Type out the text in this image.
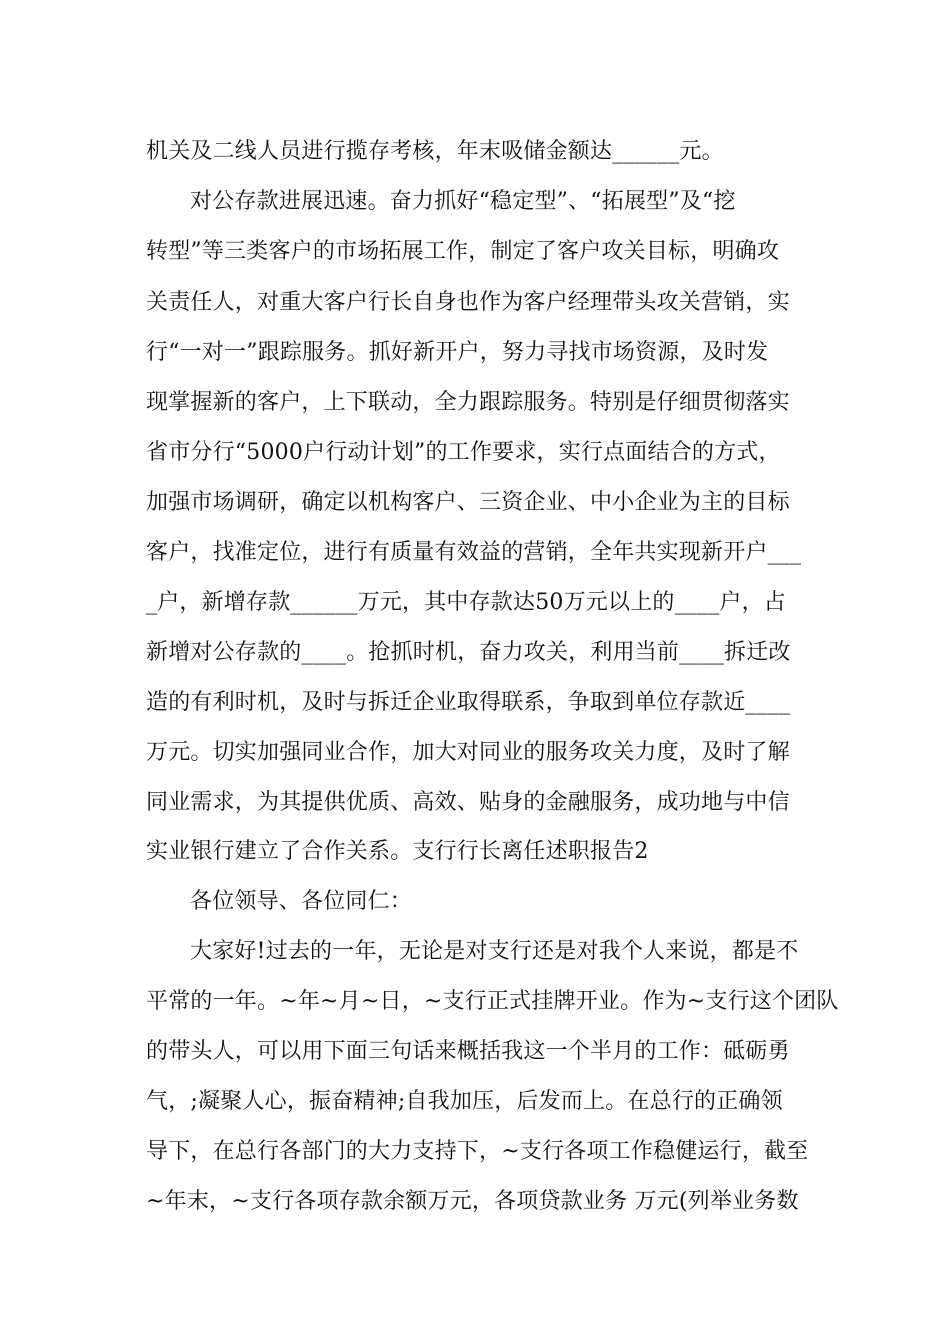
机关及二线人员进行揽存考核，年末吸储金额达______元。
对公存款进展迅速。奋力抓好“稳定型”、“拓展型”及“挖
转型”等三类客户的市场拓展工作，制定了客户攻关目标，明确攻
关责任人，对重大客户行长自身也作为客户经理带头攻关营销，实
行“一对一”跟踪服务。抓好新开户，努力寻找市场资源，及时发
现掌握新的客户，上下联动，全力跟踪服务。特别是仔细贯彻落实
省市分行“5000户行动计划”的工作要求，实行点面结合的方式，
加强市场调研，确定以机构客户、三资企业、中小企业为主的目标
客户，找准定位，进行有质量有效益的营销，全年共实现新开户___
_户，新增存款______万元，其中存款达50万元以上的____户，占
新增对公存款的____。抢抓时机，奋力攻关，利用当前____拆迁改
造的有利时机，及时与拆迁企业取得联系，争取到单位存款近____
万元。切实加强同业合作，加大对同业的服务攻关力度，及时了解
同业需求，为其提供优质、高效、贴身的金融服务，成功地与中信
实业银行建立了合作关系。支行行长离任述职报告2
各位领导、各位同仁：
大家好!过去的一年，无论是对支行还是对我个人来说，都是不
平常的一年。~年~月~日，~支行正式挂牌开业。作为~支行这个团队
的带头人，可以用下面三句话来概括我这一个半月的工作：砥砺勇
气，;凝聚人心，振奋精神;自我加压，后发而上。在总行的正确领
导下，在总行各部门的大力支持下，~支行各项工作稳健运行，截至
~年末，~支行各项存款余额万元，各项贷款业务 万元(列举业务数
